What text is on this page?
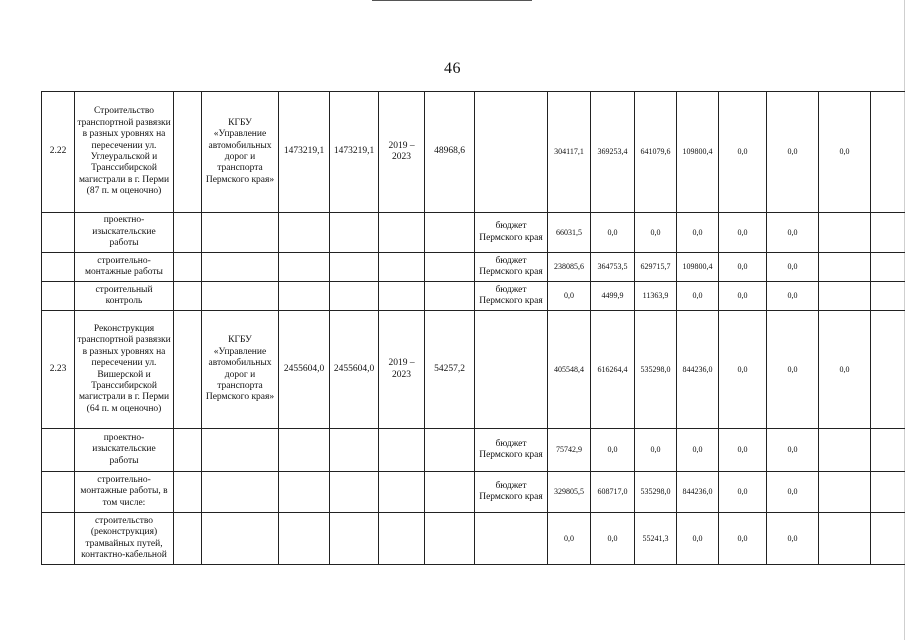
46
2.22	Строительство транспортной развязки в разных уровнях на пересечении ул. Углеуральской и Транссибирской магистрали в г. Перми (87 п. м оценочно)		КГБУ «Управление автомобильных дорог и транспорта Пермского края»	1473219,1	1473219,1	2019 – 2023	48968,6		304117,1	369253,4	641079,6	109800,4	0,0	0,0	0,0	
	проектно- изыскательские работы							бюджет Пермского края	66031,5	0,0	0,0	0,0	0,0	0,0		
	строительно- монтажные работы							бюджет Пермского края	238085,6	364753,5	629715,7	109800,4	0,0	0,0		
	строительный контроль							бюджет Пермского края	0,0	4499,9	11363,9	0,0	0,0	0,0		
2.23	Реконструкция транспортной развязки в разных уровнях на пересечении ул. Вишерской и Транссибирской магистрали в г. Перми (64 п. м оценочно)		КГБУ «Управление автомобильных дорог и транспорта Пермского края»	2455604,0	2455604,0	2019 – 2023	54257,2		405548,4	616264,4	535298,0	844236,0	0,0	0,0	0,0	
	проектно- изыскательские работы							бюджет Пермского края	75742,9	0,0	0,0	0,0	0,0	0,0		
	строительно- монтажные работы, в том числе:							бюджет Пермского края	329805,5	608717,0	535298,0	844236,0	0,0	0,0		
	строительство (реконструкция) трамвайных путей, контактно-кабельной								0,0	0,0	55241,3	0,0	0,0	0,0		
